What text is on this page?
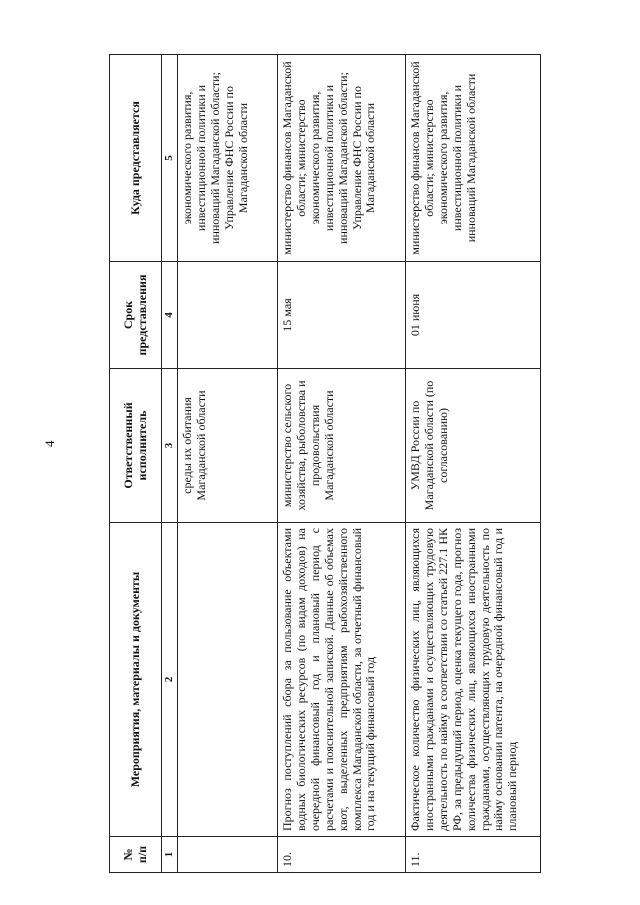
4
№ п/п	Мероприятия, материалы и документы	Ответственный исполнитель	Срок представления	Куда представляется
1	2	3	4	5
		среды их обитания Магаданской области		экономического развития, инвестиционной политики и инноваций Магаданской области; Управление ФНС России по Магаданской области
10.	Прогноз поступлений сбора за пользование объектами водных биологических ресурсов (по видам доходов) на очередной финансовый год и плановый период с расчетами и пояснительной запиской. Данные об объемах квот, выделенных предприятиям рыбохозяйственного комплекса Магаданской области, за отчетный финансовый год и на текущий финансовый год	министерство сельского хозяйства, рыболовства и продовольствия Магаданской области	15 мая	министерство финансов Магаданской области; министерство экономического развития, инвестиционной политики и инноваций Магаданской области; Управление ФНС России по Магаданской области
11.	Фактическое количество физических лиц, являющихся иностранными гражданами и осуществляющих трудовую деятельность по найму в соответствии со статьей 227.1 НК РФ, за предыдущий период, оценка текущего года, прогноз количества физических лиц, являющихся иностранными гражданами, осуществляющих трудовую деятельность по найму основании патента, на очередной финансовый год и плановый период	УМВД России по Магаданской области (по согласованию)	01 июня	министерство финансов Магаданской области; министерство экономического развития, инвестиционной политики и инноваций Магаданской области
